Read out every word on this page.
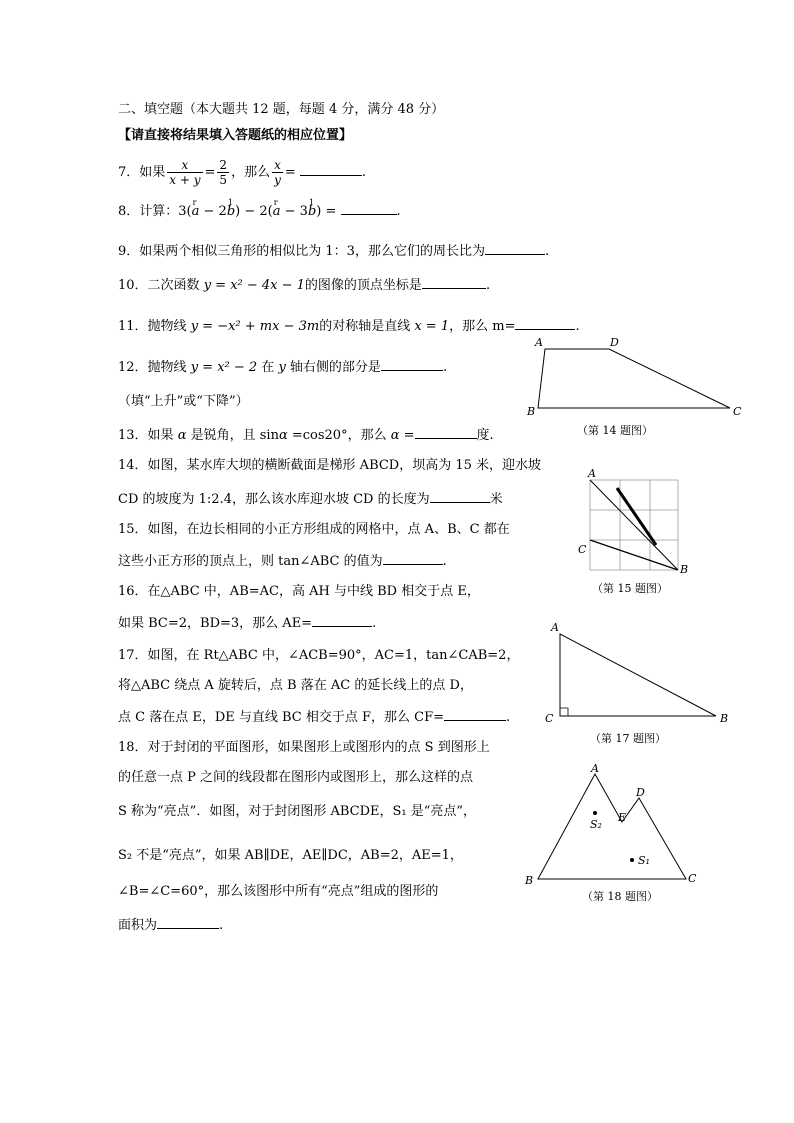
二、填空题（本大题共 12 题，每题 4 分，满分 48 分）
【请直接将结果填入答题纸的相应位置】
7．如果 $\frac{x}{x + y} = \frac{2}{5}$ ，那么 $\frac{x}{y}$ =	.
8．计算：3(r a − 21 b) − 2(r a − 31 b) =	.
9．如果两个相似三角形的相似比为 1：3，那么它们的周长比为	.
10．二次函数 y = x² − 4x − 1的图像的顶点坐标是	.
11．抛物线 y = −x² + mx − 3m的对称轴是直线 x = 1，那么 m=	.
12．抛物线 y = x² − 2 在 y 轴右侧的部分是	.
（填“上升”或“下降”）
13．如果 α 是锐角，且 sinα =cos20°，那么 α =	度.
14．如图，某水库大坝的横断截面是梯形 ABCD，坝高为 15 米，迎水坡
CD 的坡度为 1:2.4，那么该水库迎水坡 CD 的长度为	米
15．如图，在边长相同的小正方形组成的网格中，点 A、B、C 都在
这些小正方形的顶点上，则 tan∠ABC 的值为	.
16．在△ABC 中，AB=AC，高 AH 与中线 BD 相交于点 E，
如果 BC=2，BD=3，那么 AE=	.
17．如图，在 Rt△ABC 中，∠ACB=90°，AC=1，tan∠CAB=2，
将△ABC 绕点 A 旋转后，点 B 落在 AC 的延长线上的点 D，
点 C 落在点 E，DE 与直线 BC 相交于点 F，那么 CF=	.
18．对于封闭的平面图形，如果图形上或图形内的点 S 到图形上
的任意一点 P 之间的线段都在图形内或图形上，那么这样的点
S 称为“亮点”．如图，对于封闭图形 ABCDE，S₁ 是“亮点”，
S₂ 不是“亮点”，如果 AB∥DE，AE∥DC，AB=2，AE=1，
∠B=∠C=60°，那么该图形中所有“亮点”组成的图形的
面积为	.
A	D
B	C
（第 14 题图）
A
B
C
（第 15 题图）
A
C	B
（第 17 题图）
A
D
E
B	C
S₂
S₁
（第 18 题图）
